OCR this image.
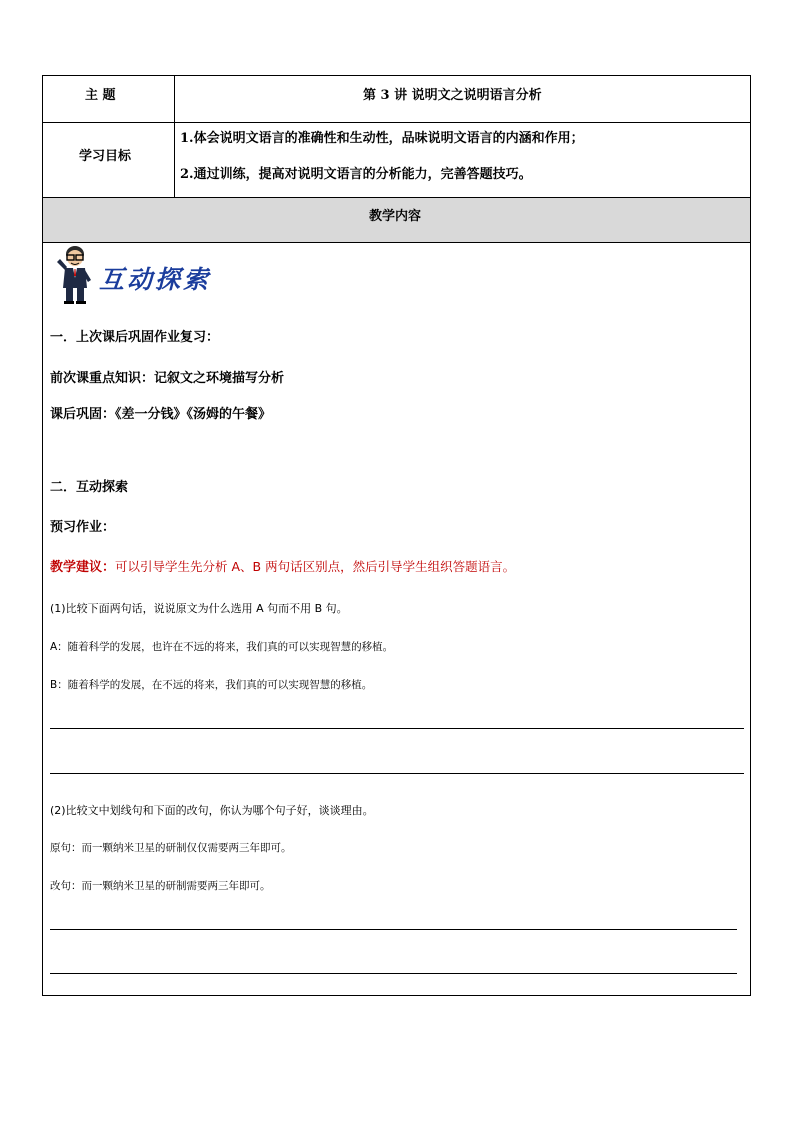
主 题	第 3 讲 说明文之说明语言分析
学习目标
1.体会说明文语言的准确性和生动性，品味说明文语言的内涵和作用；
2.通过训练，提高对说明文语言的分析能力，完善答题技巧。
教学内容
互动探索
一．上次课后巩固作业复习：
前次课重点知识：记叙文之环境描写分析
课后巩固：《差一分钱》《汤姆的午餐》
二．互动探索
预习作业：
教学建议：可以引导学生先分析 A、B 两句话区别点，然后引导学生组织答题语言。
(1)比较下面两句话，说说原文为什么选用 A 句而不用 B 句。
A：随着科学的发展，也许在不远的将来，我们真的可以实现智慧的移植。
B：随着科学的发展，在不远的将来，我们真的可以实现智慧的移植。
(2)比较文中划线句和下面的改句，你认为哪个句子好，谈谈理由。
原句：而一颗纳米卫星的研制仅仅需要两三年即可。
改句：而一颗纳米卫星的研制需要两三年即可。
